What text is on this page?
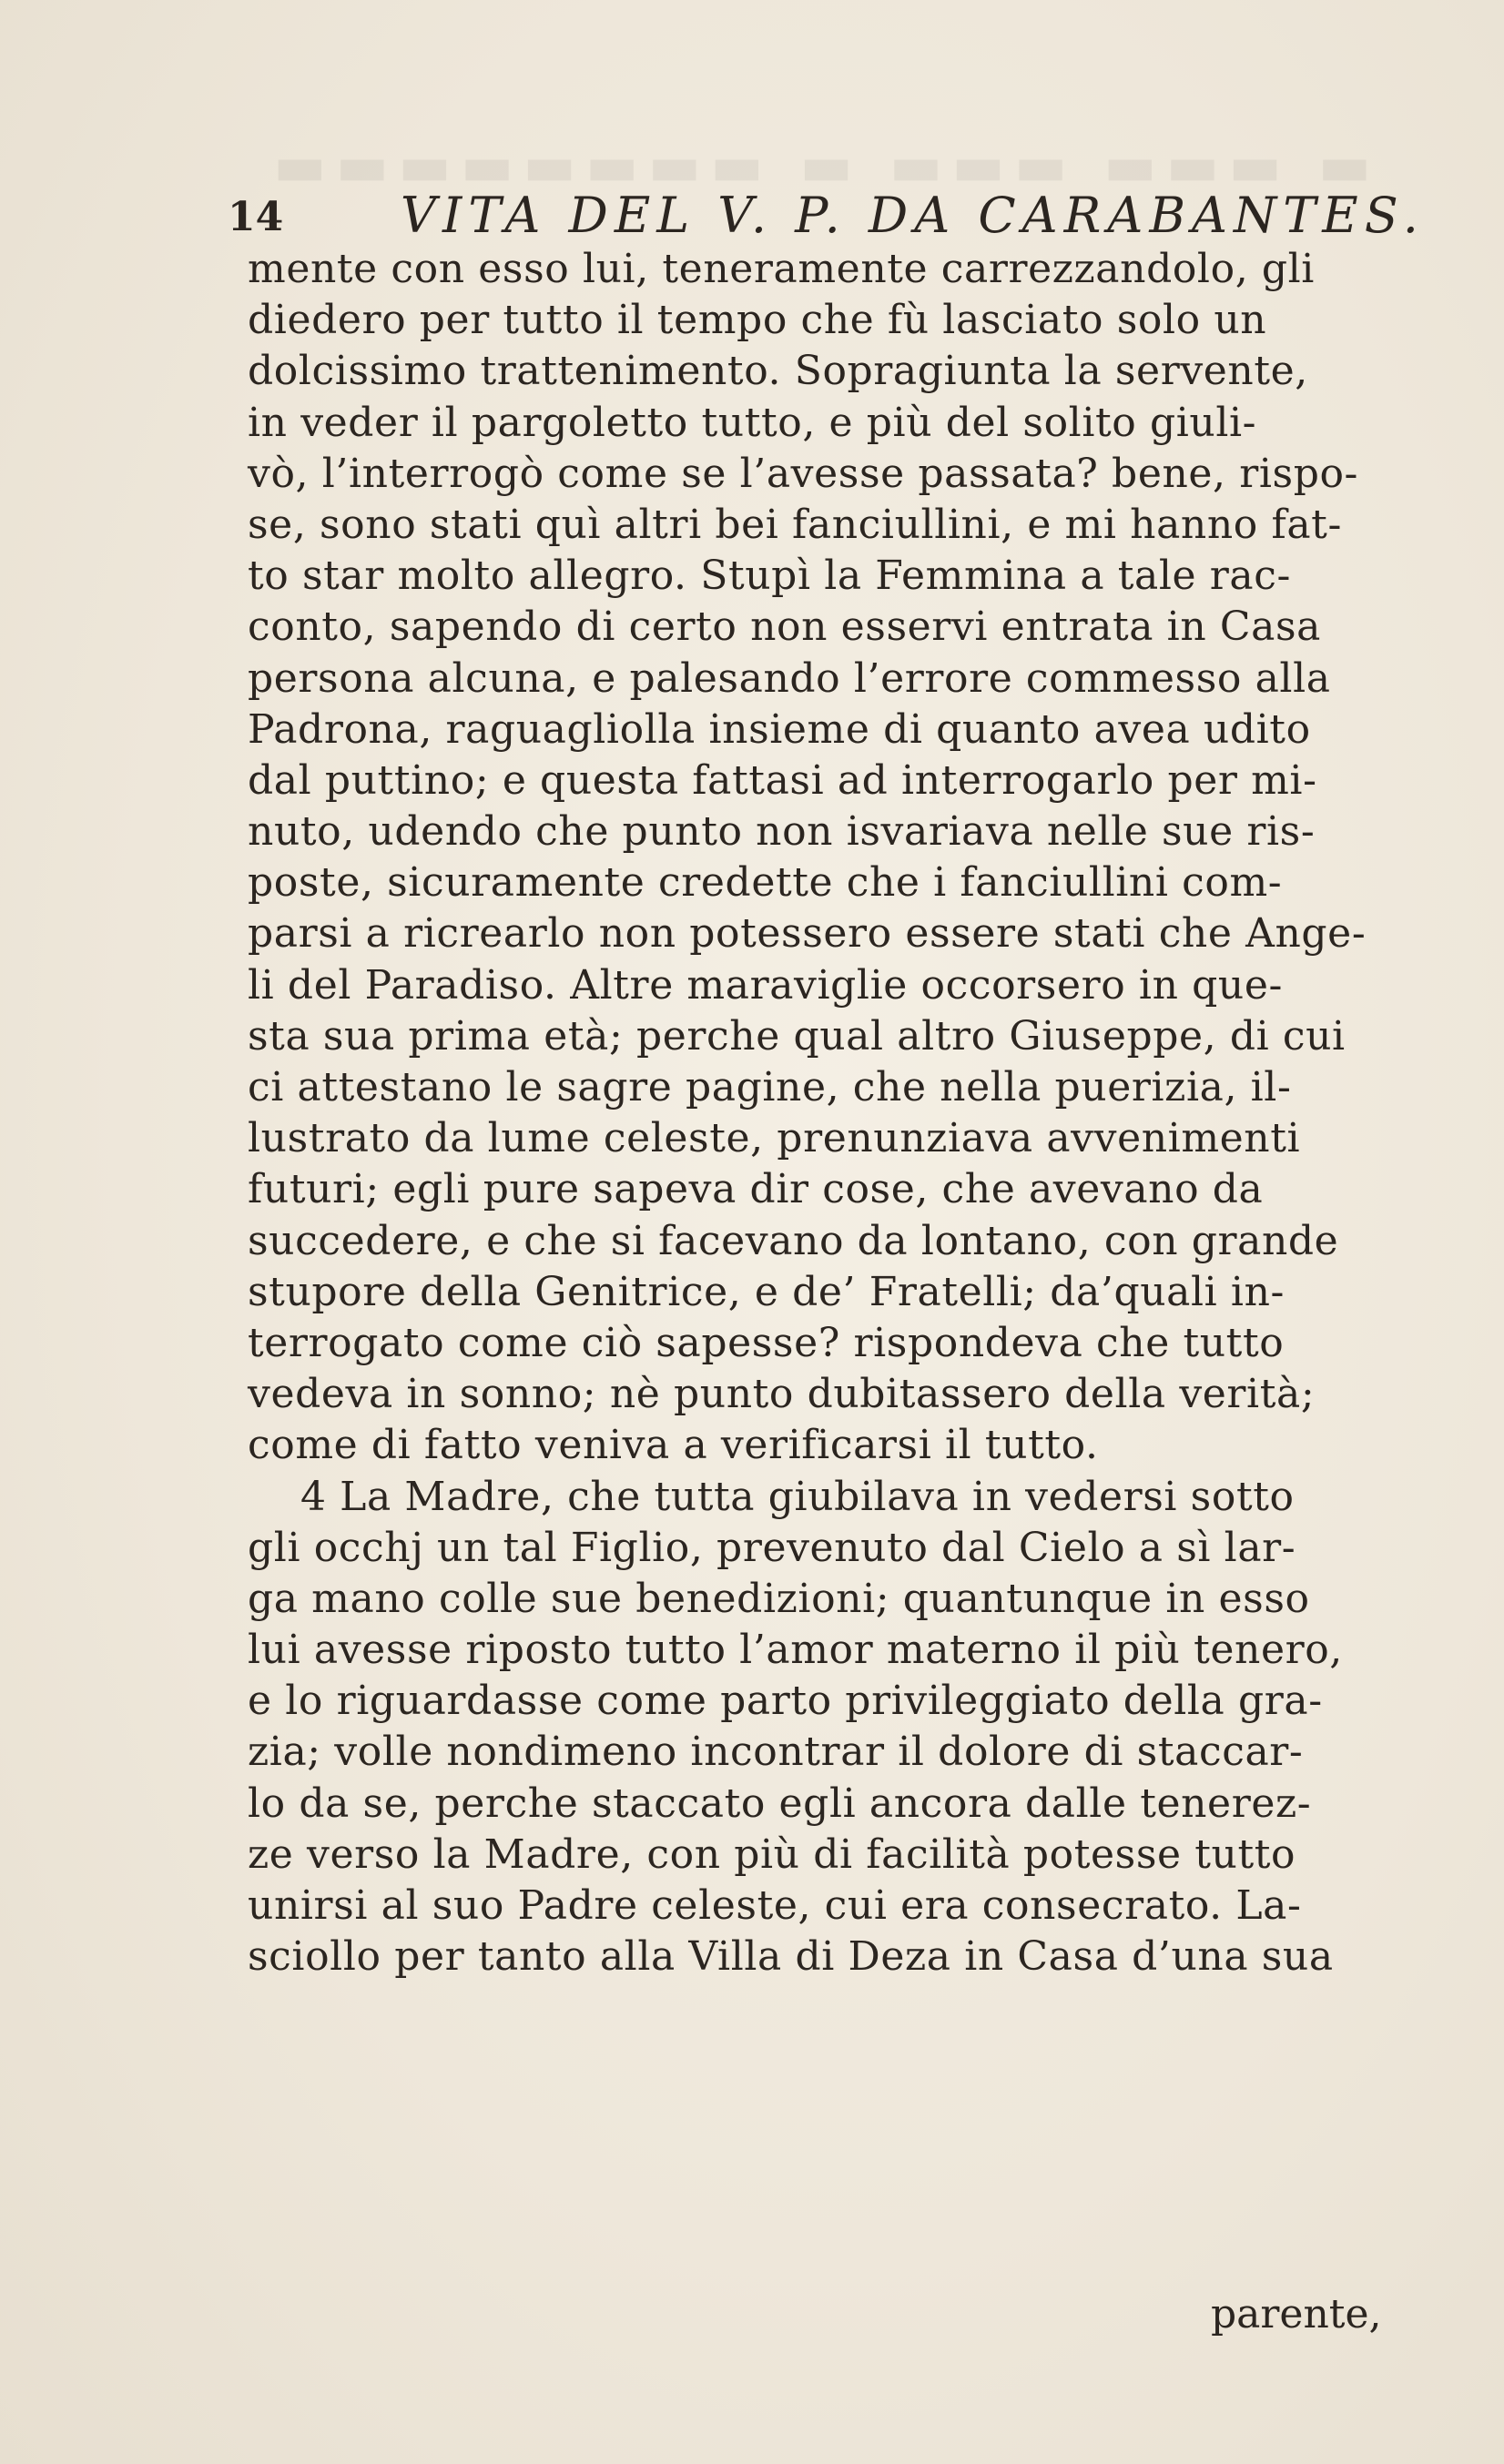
▬ ▬▬▬ ▬▬▬ ▬ ▬▬▬▬▬▬▬▬
14 VITA DEL V. P. DA CARABANTES.
mente con esso lui, teneramente carrezzandolo, gli
diedero per tutto il tempo che fù lasciato solo un
dolcissimo trattenimento. Sopragiunta la servente,
in veder il pargoletto tutto, e più del solito giuli-
vò, l’interrogò come se l’avesse passata? bene, rispo-
se, sono stati quì altri bei fanciullini, e mi hanno fat-
to star molto allegro. Stupì la Femmina a tale rac-
conto, sapendo di certo non esservi entrata in Casa
persona alcuna, e palesando l’errore commesso alla
Padrona, raguagliolla insieme di quanto avea udito
dal puttino; e questa fattasi ad interrogarlo per mi-
nuto, udendo che punto non isvariava nelle sue ris-
poste, sicuramente credette che i fanciullini com-
parsi a ricrearlo non potessero essere stati che Ange-
li del Paradiso. Altre maraviglie occorsero in que-
sta sua prima età; perche qual altro Giuseppe, di cui
ci attestano le sagre pagine, che nella puerizia, il-
lustrato da lume celeste, prenunziava avvenimenti
futuri; egli pure sapeva dir cose, che avevano da
succedere, e che si facevano da lontano, con grande
stupore della Genitrice, e de’ Fratelli; da’quali in-
terrogato come ciò sapesse? rispondeva che tutto
vedeva in sonno; nè punto dubitassero della verità;
come di fatto veniva a verificarsi il tutto.
4 La Madre, che tutta giubilava in vedersi sotto
gli occhj un tal Figlio, prevenuto dal Cielo a sì lar-
ga mano colle sue benedizioni; quantunque in esso
lui avesse riposto tutto l’amor materno il più tenero,
e lo riguardasse come parto privileggiato della gra-
zia; volle nondimeno incontrar il dolore di staccar-
lo da se, perche staccato egli ancora dalle tenerez-
ze verso la Madre, con più di facilità potesse tutto
unirsi al suo Padre celeste, cui era consecrato. La-
sciollo per tanto alla Villa di Deza in Casa d’una sua
parente,
